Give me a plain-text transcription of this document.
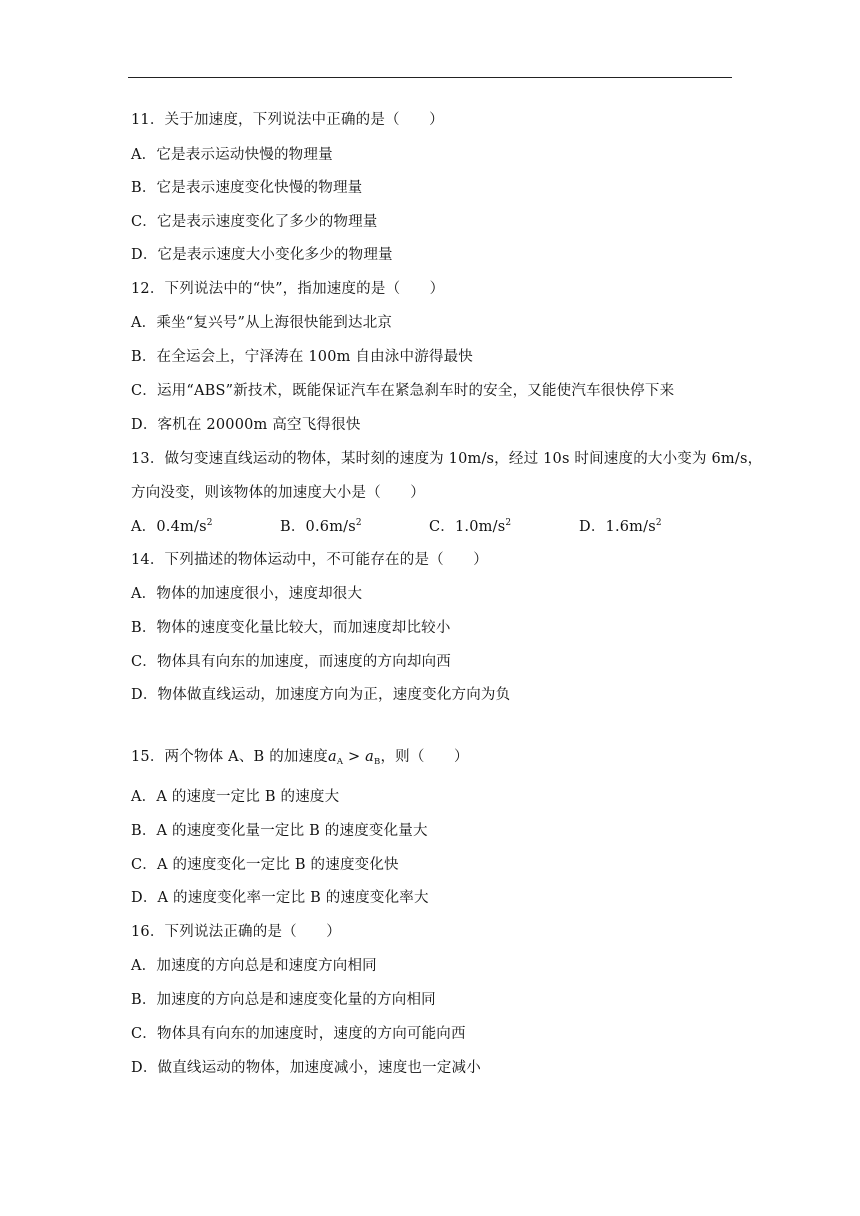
11．关于加速度，下列说法中正确的是（　　）
A．它是表示运动快慢的物理量
B．它是表示速度变化快慢的物理量
C．它是表示速度变化了多少的物理量
D．它是表示速度大小变化多少的物理量
12．下列说法中的“快”，指加速度的是（　　）
A．乘坐“复兴号”从上海很快能到达北京
B．在全运会上，宁泽涛在 100m 自由泳中游得最快
C．运用“ABS”新技术，既能保证汽车在紧急刹车时的安全，又能使汽车很快停下来
D．客机在 20000m 高空飞得很快
13．做匀变速直线运动的物体，某时刻的速度为 10m/s，经过 10s 时间速度的大小变为 6m/s，
方向没变，则该物体的加速度大小是（　　）
A．$0.4m/s^2$	B．$0.6m/s^2$	C．$1.0m/s^2$	D．$1.6m/s^2$
14．下列描述的物体运动中，不可能存在的是（　　）
A．物体的加速度很小，速度却很大
B．物体的速度变化量比较大，而加速度却比较小
C．物体具有向东的加速度，而速度的方向却向西
D．物体做直线运动，加速度方向为正，速度变化方向为负
15．两个物体 A、B 的加速度$a_A > a_B$，则（　　）
A．A 的速度一定比 B 的速度大
B．A 的速度变化量一定比 B 的速度变化量大
C．A 的速度变化一定比 B 的速度变化快
D．A 的速度变化率一定比 B 的速度变化率大
16．下列说法正确的是（　　）
A．加速度的方向总是和速度方向相同
B．加速度的方向总是和速度变化量的方向相同
C．物体具有向东的加速度时，速度的方向可能向西
D．做直线运动的物体，加速度减小，速度也一定减小
